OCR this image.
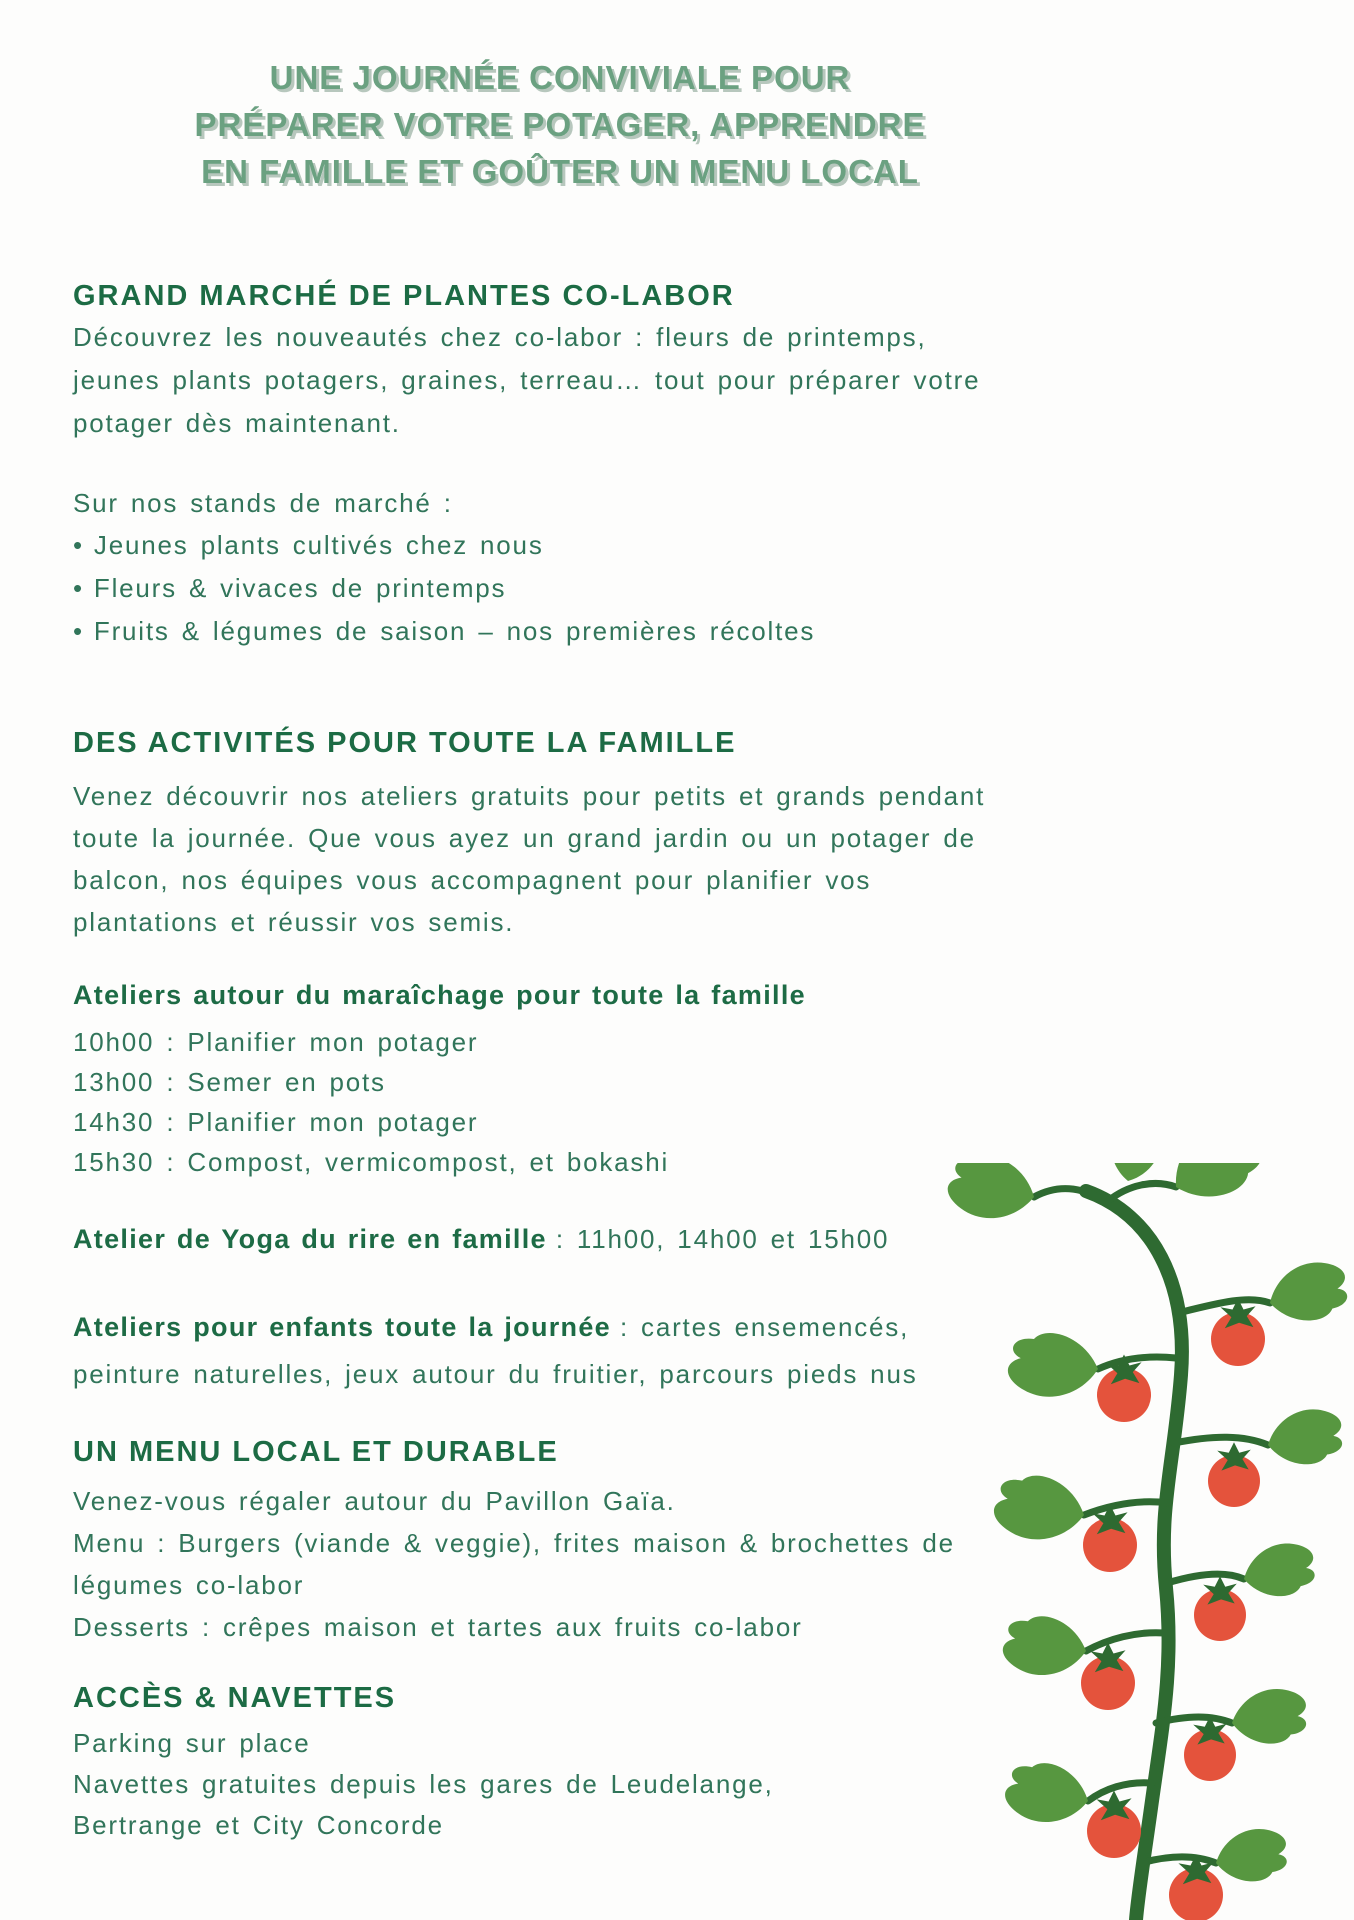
UNE JOURNÉE CONVIVIALE POUR
PRÉPARER VOTRE POTAGER, APPRENDRE
EN FAMILLE ET GOÛTER UN MENU LOCAL
GRAND MARCHÉ DE PLANTES CO-LABOR
Découvrez les nouveautés chez co-labor : fleurs de printemps,
jeunes plants potagers, graines, terreau… tout pour préparer votre
potager dès maintenant.
Sur nos stands de marché :
• Jeunes plants cultivés chez nous
• Fleurs & vivaces de printemps
• Fruits & légumes de saison – nos premières récoltes
DES ACTIVITÉS POUR TOUTE LA FAMILLE
Venez découvrir nos ateliers gratuits pour petits et grands pendant
toute la journée. Que vous ayez un grand jardin ou un potager de
balcon, nos équipes vous accompagnent pour planifier vos
plantations et réussir vos semis.
Ateliers autour du maraîchage pour toute la famille
10h00 : Planifier mon potager
13h00 : Semer en pots
14h30 : Planifier mon potager
15h30 : Compost, vermicompost, et bokashi
Atelier de Yoga du rire en famille : 11h00, 14h00 et 15h00
Ateliers pour enfants toute la journée : cartes ensemencés,
peinture naturelles, jeux autour du fruitier, parcours pieds nus
UN MENU LOCAL ET DURABLE
Venez-vous régaler autour du Pavillon Gaïa.
Menu : Burgers (viande & veggie), frites maison & brochettes de
légumes co-labor
Desserts : crêpes maison et tartes aux fruits co-labor
ACCÈS & NAVETTES
Parking sur place
Navettes gratuites depuis les gares de Leudelange,
Bertrange et City Concorde
